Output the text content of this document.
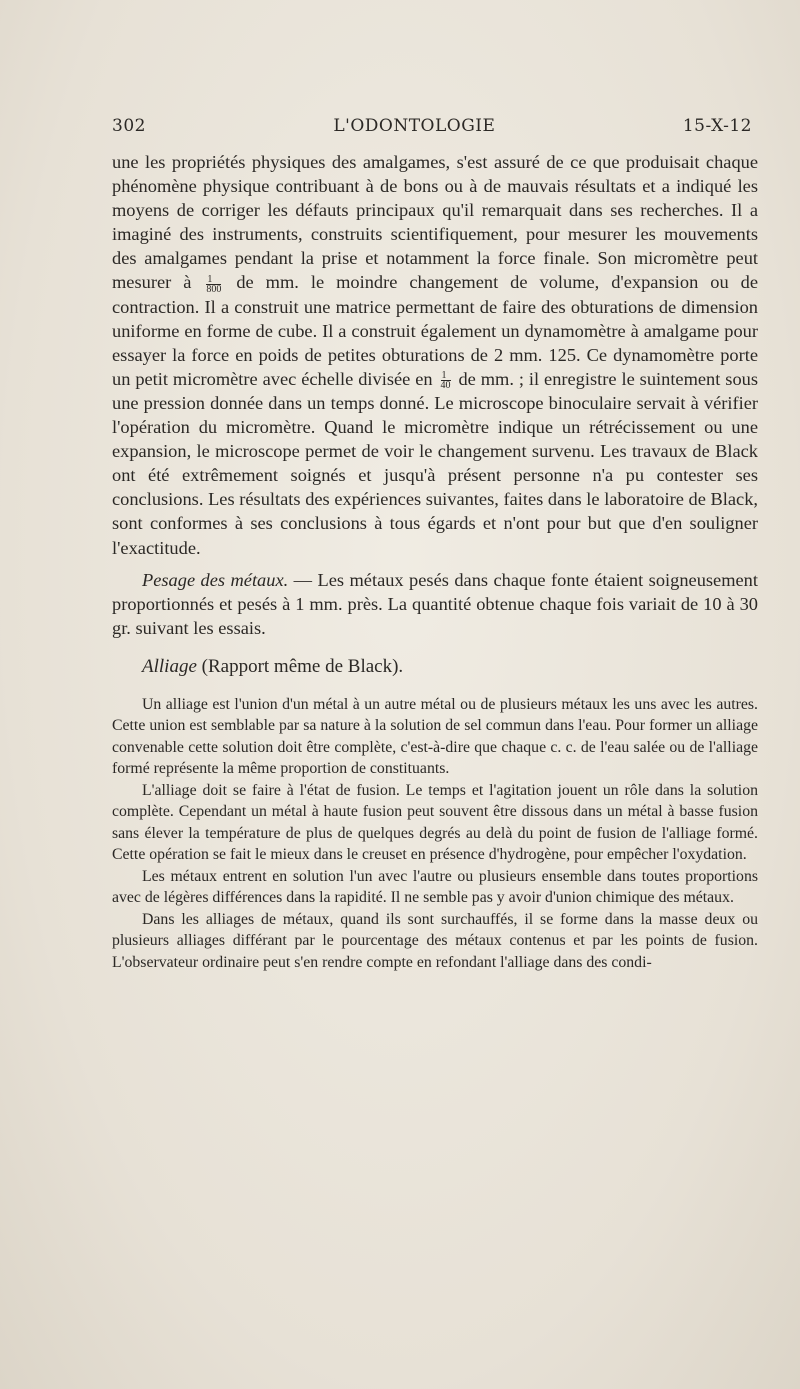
302	L'ODONTOLOGIE	15-X-12

une les propriétés physiques des amalgames, s'est assuré de ce que produisait chaque phénomène physique contribuant à de bons ou à de mauvais résultats et a indiqué les moyens de corriger les défauts principaux qu'il remarquait dans ses recherches. Il a imaginé des instruments, construits scientifiquement, pour mesurer les mouvements des amalgames pendant la prise et notamment la force finale. Son micromètre peut mesurer à $\frac{1}{800}$ de mm. le moindre changement de volume, d'expansion ou de contraction. Il a construit une matrice permettant de faire des obturations de dimension uniforme en forme de cube. Il a construit également un dynamomètre à amalgame pour essayer la force en poids de petites obturations de 2 mm. 125. Ce dynamomètre porte un petit micromètre avec échelle divisée en $\frac{1}{40}$ de mm. ; il enregistre le suintement sous une pression donnée dans un temps donné. Le microscope binoculaire servait à vérifier l'opération du micromètre. Quand le micromètre indique un rétrécissement ou une expansion, le microscope permet de voir le changement survenu. Les travaux de Black ont été extrêmement soignés et jusqu'à présent personne n'a pu contester ses conclusions. Les résultats des expériences suivantes, faites dans le laboratoire de Black, sont conformes à ses conclusions à tous égards et n'ont pour but que d'en souligner l'exactitude.

Pesage des métaux. — Les métaux pesés dans chaque fonte étaient soigneusement proportionnés et pesés à 1 mm. près. La quantité obtenue chaque fois variait de 10 à 30 gr. suivant les essais.

Alliage (Rapport même de Black).

Un alliage est l'union d'un métal à un autre métal ou de plusieurs métaux les uns avec les autres. Cette union est semblable par sa nature à la solution de sel commun dans l'eau. Pour former un alliage convenable cette solution doit être complète, c'est-à-dire que chaque c. c. de l'eau salée ou de l'alliage formé représente la même proportion de constituants.

L'alliage doit se faire à l'état de fusion. Le temps et l'agitation jouent un rôle dans la solution complète. Cependant un métal à haute fusion peut souvent être dissous dans un métal à basse fusion sans élever la température de plus de quelques degrés au delà du point de fusion de l'alliage formé. Cette opération se fait le mieux dans le creuset en présence d'hydrogène, pour empêcher l'oxydation.

Les métaux entrent en solution l'un avec l'autre ou plusieurs ensemble dans toutes proportions avec de légères différences dans la rapidité. Il ne semble pas y avoir d'union chimique des métaux.

Dans les alliages de métaux, quand ils sont surchauffés, il se forme dans la masse deux ou plusieurs alliages différant par le pourcentage des métaux contenus et par les points de fusion. L'observateur ordinaire peut s'en rendre compte en refondant l'alliage dans des condi-
